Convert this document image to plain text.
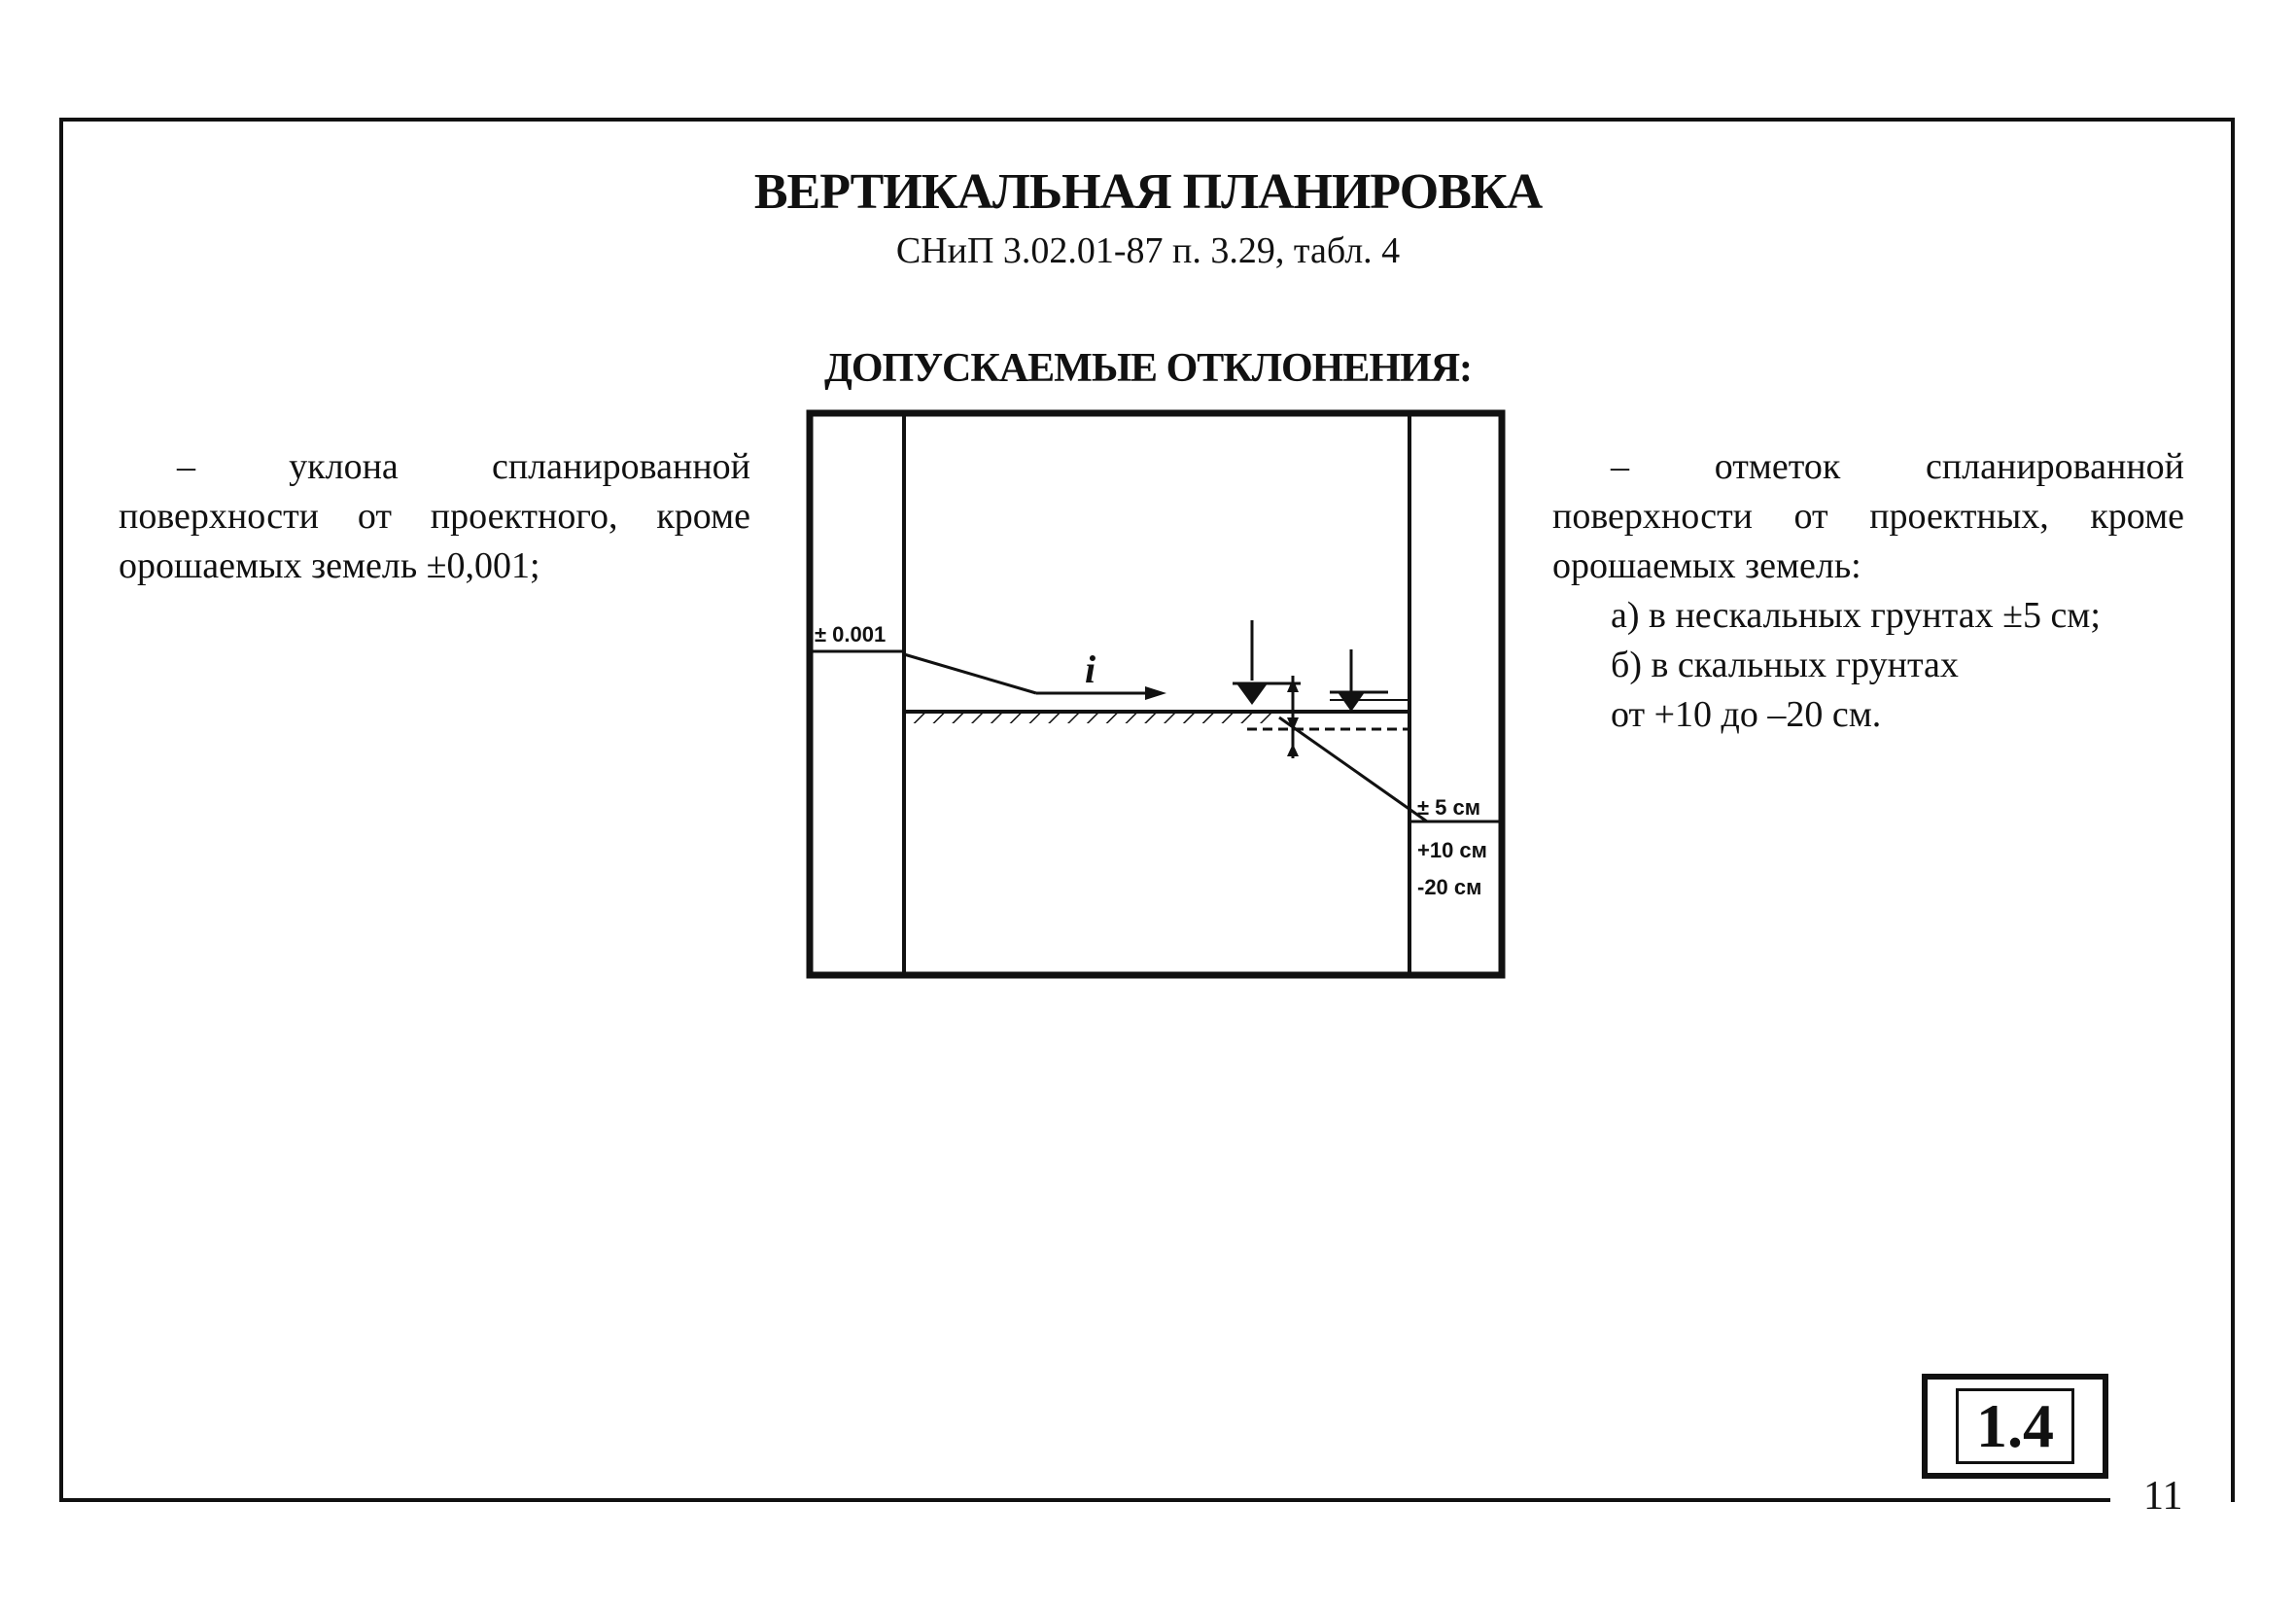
ВЕРТИКАЛЬНАЯ ПЛАНИРОВКА
СНиП 3.02.01-87 п. 3.29, табл. 4
ДОПУСКАЕМЫЕ ОТКЛОНЕНИЯ:

– уклона спланированной поверхности от проектного, кроме орошаемых земель ±0,001;

– отметок спланированной поверхности от проектных, кроме орошаемых земель:

а) в нескальных грунтах ±5 см;

б) в скальных грунтах

от +10 до –20 см.

± 0.001
i
± 5 см
+10 см
-20 см
1.4
11
